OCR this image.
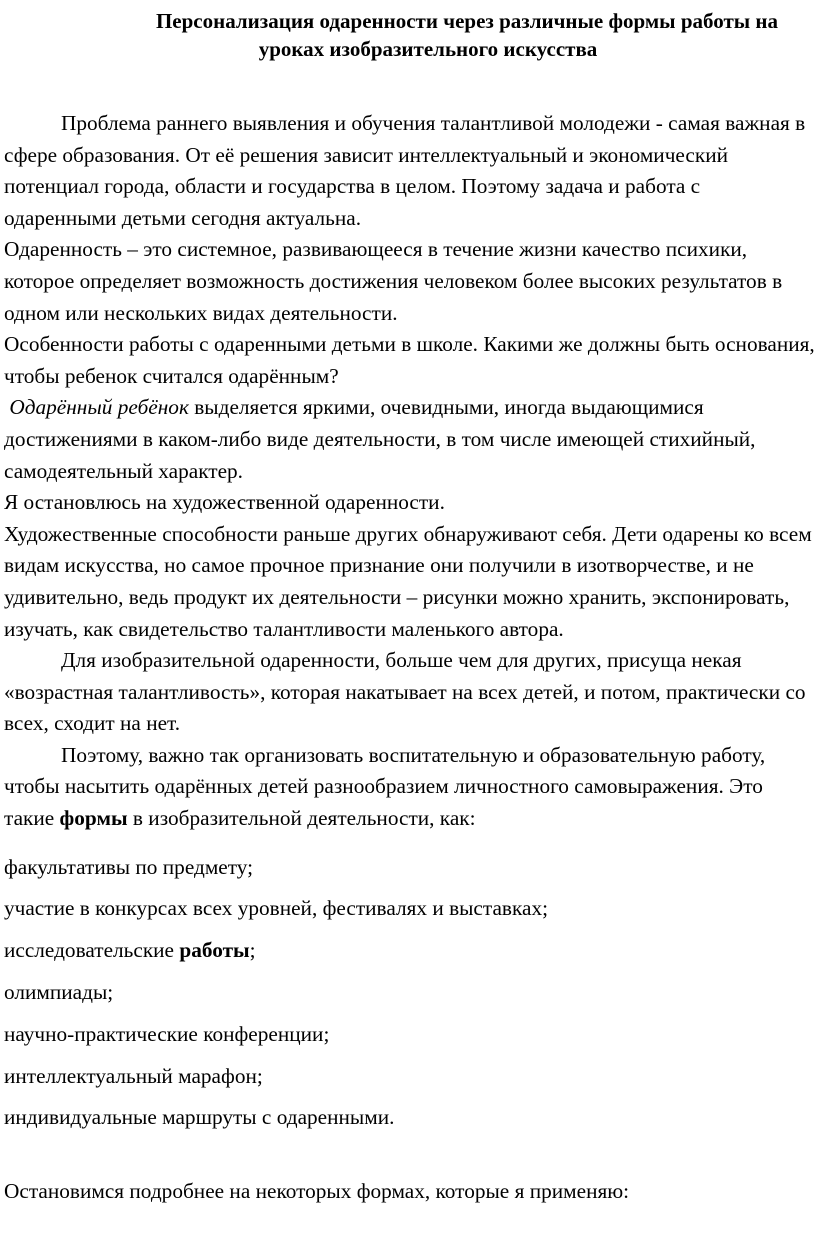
Персонализация одаренности через различные формы работы на
уроках изобразительного искусства

Проблема раннего выявления и обучения талантливой молодежи - самая важная в сфере образования. От её решения зависит интеллектуальный и экономический потенциал города, области и государства в целом. Поэтому задача и работа с одаренными детьми сегодня актуальна.

Одаренность – это системное, развивающееся в течение жизни качество психики, которое определяет возможность достижения человеком более высоких результатов в одном или нескольких видах деятельности.

Особенности работы с одаренными детьми в школе. Какими же должны быть основания, чтобы ребенок считался одарённым?

Одарённый ребёнок выделяется яркими, очевидными, иногда выдающимися достижениями в каком-либо виде деятельности, в том числе имеющей стихийный, самодеятельный характер.

Я остановлюсь на художественной одаренности.

Художественные способности раньше других обнаруживают себя. Дети одарены ко всем видам искусства, но самое прочное признание они получили в изотворчестве, и не удивительно, ведь продукт их деятельности – рисунки можно хранить, экспонировать, изучать, как свидетельство талантливости маленького автора.

Для изобразительной одаренности, больше чем для других, присуща некая «возрастная талантливость», которая накатывает на всех детей, и потом, практически со всех, сходит на нет.

Поэтому, важно так организовать воспитательную и образовательную работу, чтобы насытить одарённых детей разнообразием личностного самовыражения. Это такие формы в изобразительной деятельности, как:

факультативы по предмету;
участие в конкурсах всех уровней, фестивалях и выставках;
исследовательские работы;
олимпиады;
научно-практические конференции;
интеллектуальный марафон;
индивидуальные маршруты с одаренными.
Остановимся подробнее на некоторых формах, которые я применяю:
